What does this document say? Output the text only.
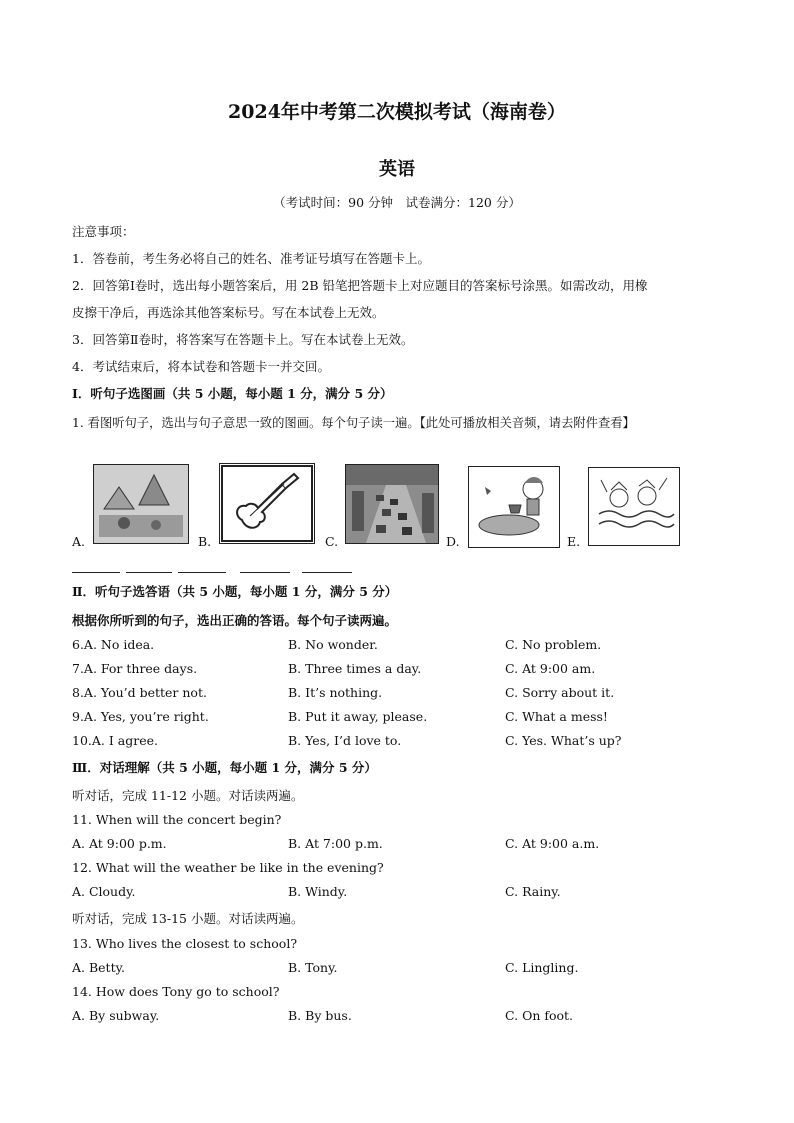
2024年中考第二次模拟考试（海南卷）
英语
（考试时间：90 分钟　试卷满分：120 分）
注意事项：
1．答卷前，考生务必将自己的姓名、准考证号填写在答题卡上。
2．回答第Ⅰ卷时，选出每小题答案后，用 2B 铅笔把答题卡上对应题目的答案标号涂黑。如需改动，用橡
皮擦干净后，再选涂其他答案标号。写在本试卷上无效。
3．回答第Ⅱ卷时，将答案写在答题卡上。写在本试卷上无效。
4．考试结束后，将本试卷和答题卡一并交回。
Ⅰ．听句子选图画（共 5 小题，每小题 1 分，满分 5 分）
1. 看图听句子，选出与句子意思一致的图画。每个句子读一遍。【此处可播放相关音频，请去附件查看】
A.	B.	C.	D.	E.
Ⅱ．听句子选答语（共 5 小题，每小题 1 分，满分 5 分）
根据你所听到的句子，选出正确的答语。每个句子读两遍。
6.A. No idea.	B. No wonder.	C. No problem.
7.A. For three days.	B. Three times a day.	C. At 9:00 am.
8.A. You’d better not.	B. It’s nothing.	C. Sorry about it.
9.A. Yes, you’re right.	B. Put it away, please.	C. What a mess!
10.A. I agree.	B. Yes, I’d love to.	C. Yes. What’s up?
Ⅲ．对话理解（共 5 小题，每小题 1 分，满分 5 分）
听对话，完成 11-12 小题。对话读两遍。
11. When will the concert begin?
A. At 9:00 p.m.	B. At 7:00 p.m.	C. At 9:00 a.m.
12. What will the weather be like in the evening?
A. Cloudy.	B. Windy.	C. Rainy.
听对话，完成 13-15 小题。对话读两遍。
13. Who lives the closest to school?
A. Betty.	B. Tony.	C. Lingling.
14. How does Tony go to school?
A. By subway.	B. By bus.	C. On foot.
